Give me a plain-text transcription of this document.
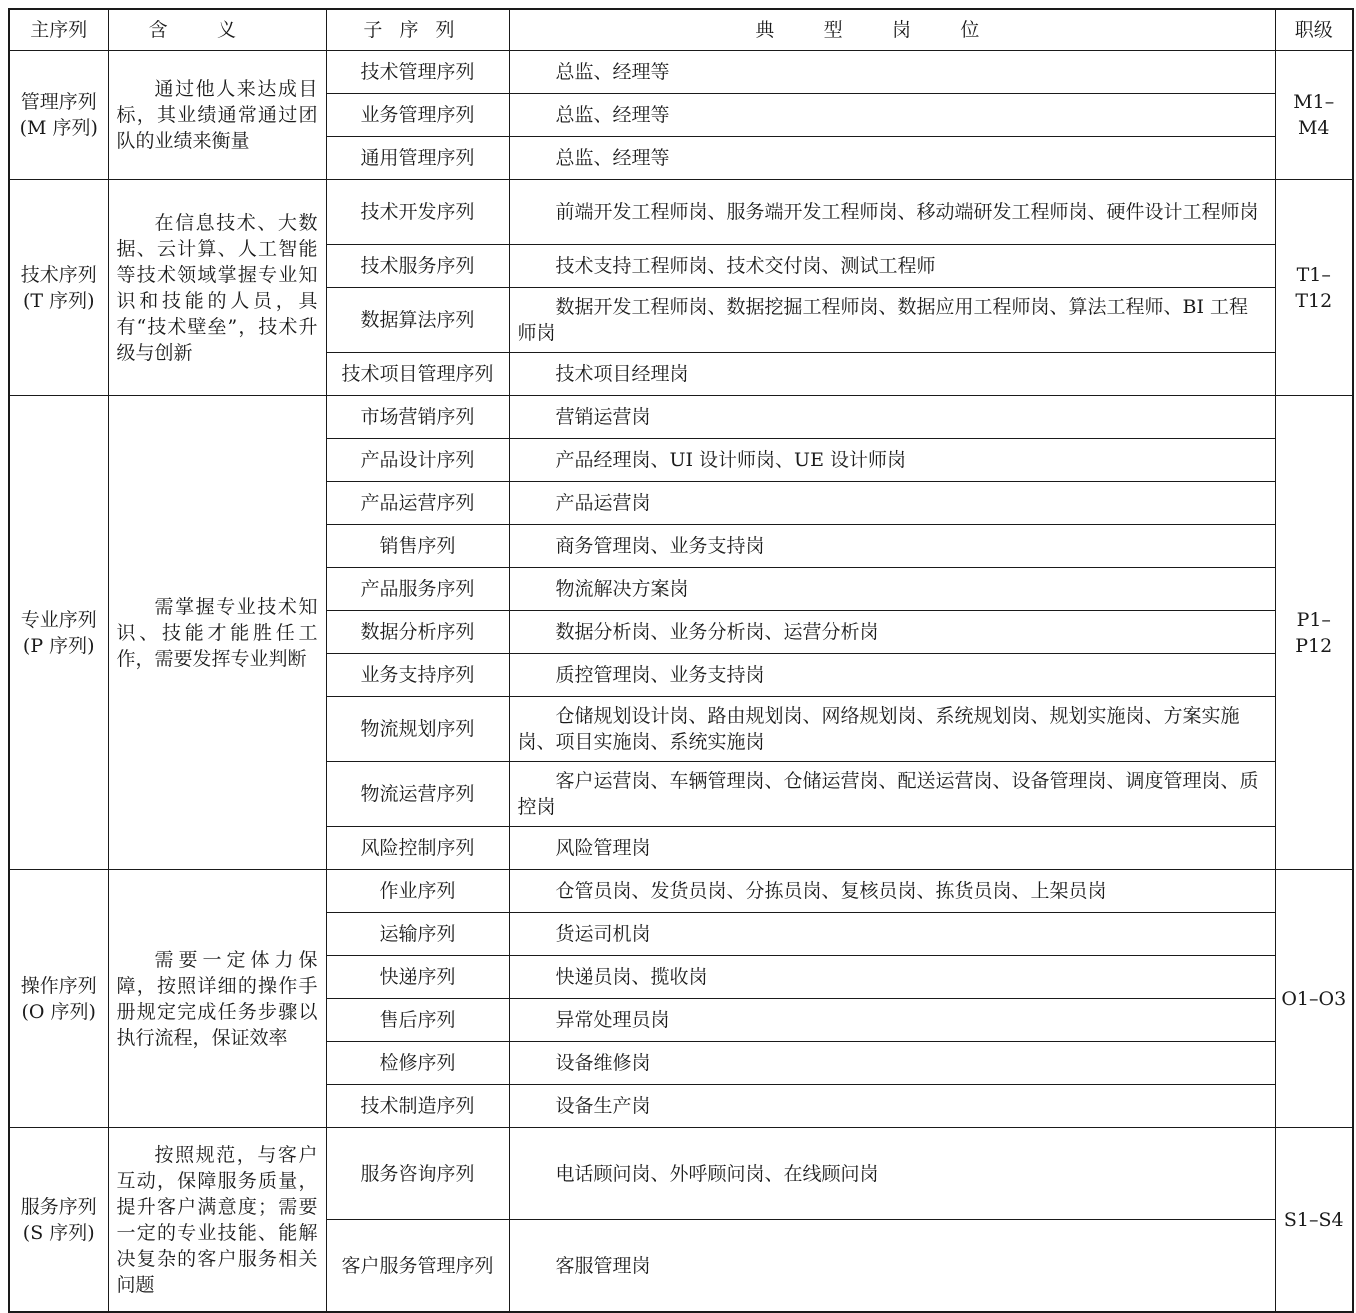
主序列	含义	子序列	典型岗位	职级

管理序列
(M 序列)	通过他人来达成目标，其业绩通常通过团队的业绩来衡量	技术管理序列	总监、经理等	M1–M4
		业务管理序列	总监、经理等	
		通用管理序列	总监、经理等	

技术序列
(T 序列)	在信息技术、大数据、云计算、人工智能等技术领域掌握专业知识和技能的人员，具有“技术壁垒”，技术升级与创新	技术开发序列	前端开发工程师岗、服务端开发工程师岗、移动端研发工程师岗、硬件设计工程师岗	T1–T12
		技术服务序列	技术支持工程师岗、技术交付岗、测试工程师	
		数据算法序列	数据开发工程师岗、数据挖掘工程师岗、数据应用工程师岗、算法工程师、BI 工程师岗	
		技术项目管理序列	技术项目经理岗	

专业序列
(P 序列)	需掌握专业技术知识、技能才能胜任工作，需要发挥专业判断	市场营销序列	营销运营岗	P1–P12
		产品设计序列	产品经理岗、UI 设计师岗、UE 设计师岗	
		产品运营序列	产品运营岗	
		销售序列	商务管理岗、业务支持岗	
		产品服务序列	物流解决方案岗	
		数据分析序列	数据分析岗、业务分析岗、运营分析岗	
		业务支持序列	质控管理岗、业务支持岗	
		物流规划序列	仓储规划设计岗、路由规划岗、网络规划岗、系统规划岗、规划实施岗、方案实施岗、项目实施岗、系统实施岗	
		物流运营序列	客户运营岗、车辆管理岗、仓储运营岗、配送运营岗、设备管理岗、调度管理岗、质控岗	
		风险控制序列	风险管理岗	

操作序列
(O 序列)	需要一定体力保障，按照详细的操作手册规定完成任务步骤以执行流程，保证效率	作业序列	仓管员岗、发货员岗、分拣员岗、复核员岗、拣货员岗、上架员岗	O1–O3
		运输序列	货运司机岗	
		快递序列	快递员岗、揽收岗	
		售后序列	异常处理员岗	
		检修序列	设备维修岗	
		技术制造序列	设备生产岗	

服务序列
(S 序列)	按照规范，与客户互动，保障服务质量，提升客户满意度；需要一定的专业技能、能解决复杂的客户服务相关问题	服务咨询序列	电话顾问岗、外呼顾问岗、在线顾问岗	S1–S4
		客户服务管理序列	客服管理岗	
